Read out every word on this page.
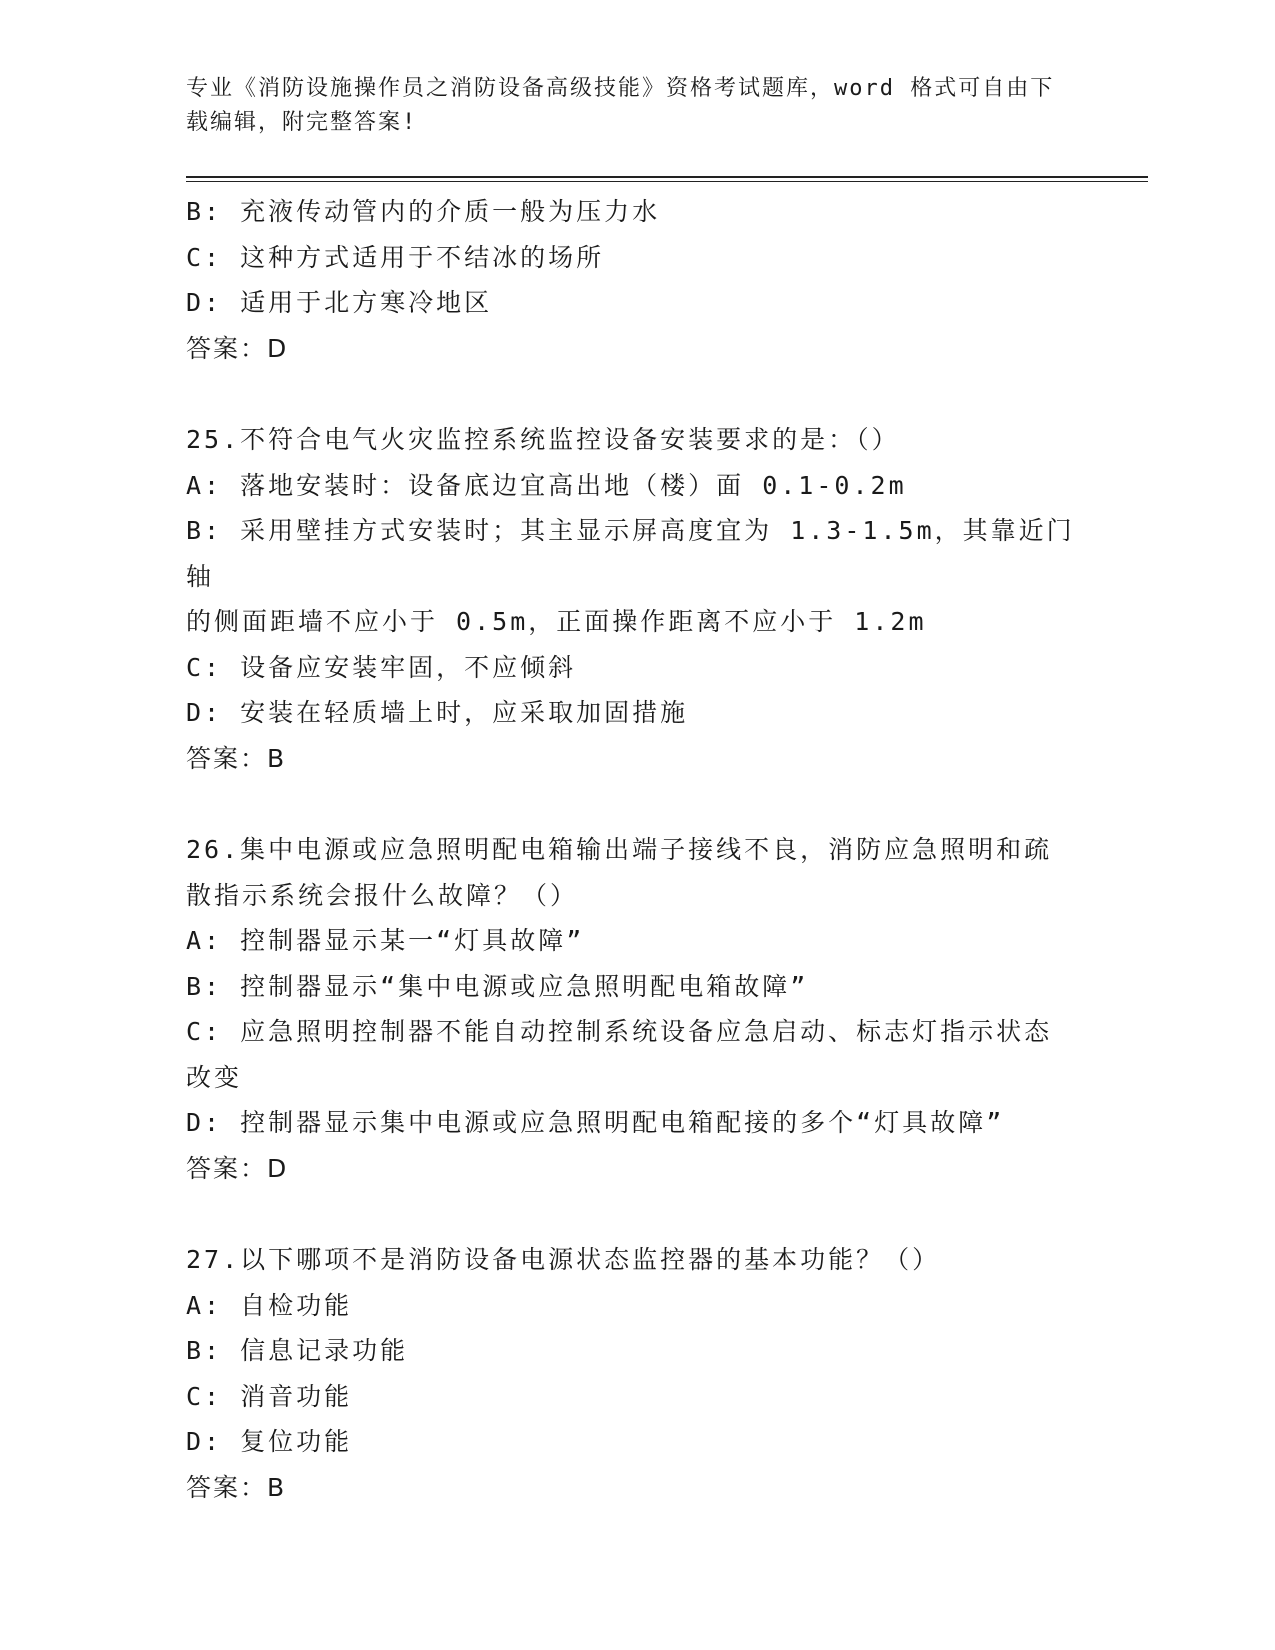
专业《消防设施操作员之消防设备高级技能》资格考试题库，word 格式可自由下
载编辑，附完整答案!

B: 充液传动管内的介质一般为压力水

C: 这种方式适用于不结冰的场所

D: 适用于北方寒冷地区

答案：D

25.不符合电气火灾监控系统监控设备安装要求的是：（）

A: 落地安装时：设备底边宜高出地（楼）面 0.1-0.2m

B: 采用壁挂方式安装时；其主显示屏高度宜为 1.3-1.5m，其靠近门轴

的侧面距墙不应小于 0.5m，正面操作距离不应小于 1.2m

C: 设备应安装牢固，不应倾斜

D: 安装在轻质墙上时，应采取加固措施

答案：B

26.集中电源或应急照明配电箱输出端子接线不良，消防应急照明和疏

散指示系统会报什么故障？（）

A: 控制器显示某一“灯具故障”

B: 控制器显示“集中电源或应急照明配电箱故障”

C: 应急照明控制器不能自动控制系统设备应急启动、标志灯指示状态

改变

D: 控制器显示集中电源或应急照明配电箱配接的多个“灯具故障”

答案：D

27.以下哪项不是消防设备电源状态监控器的基本功能？（）

A: 自检功能

B: 信息记录功能

C: 消音功能

D: 复位功能

答案：B
